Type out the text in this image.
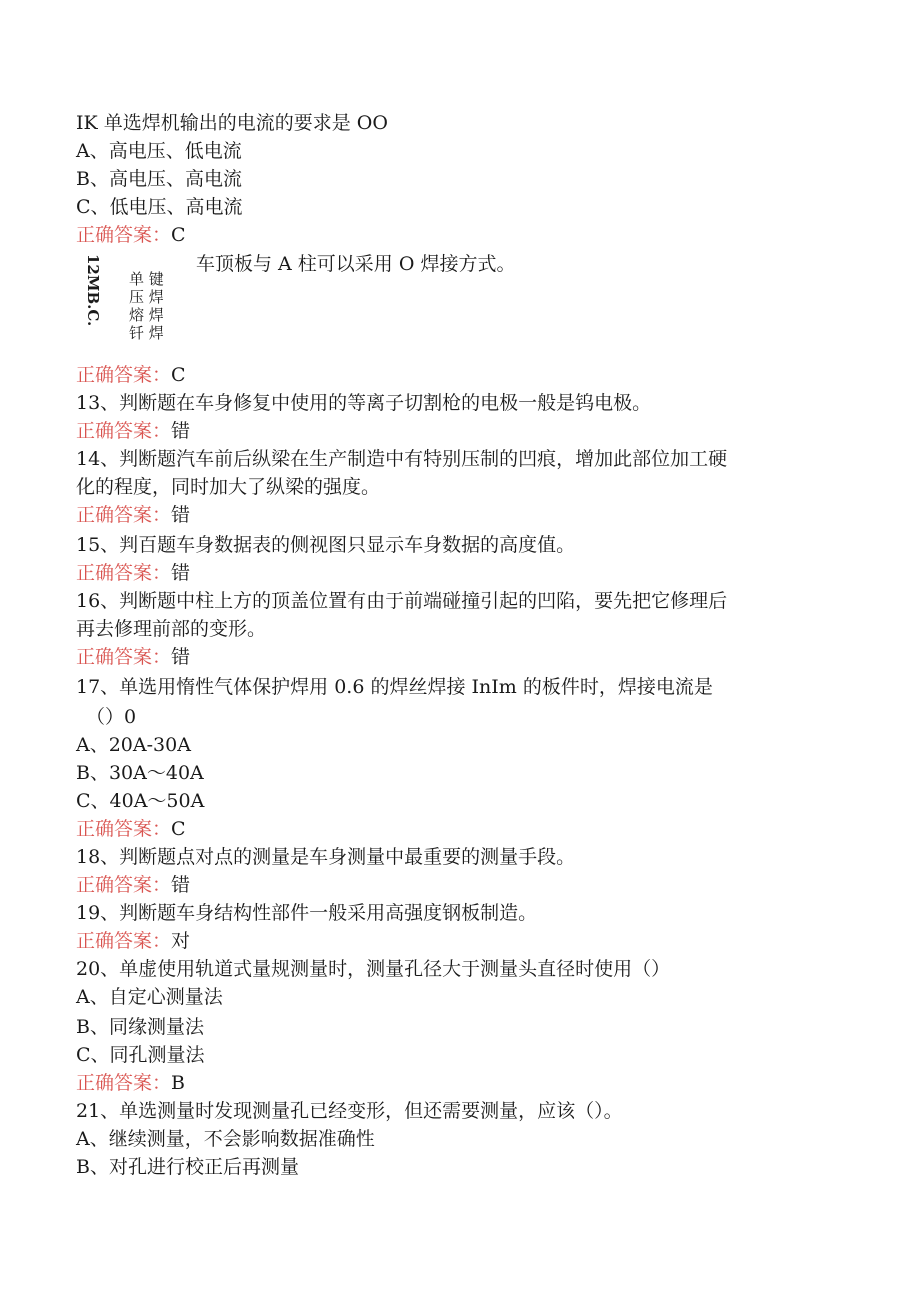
IK 单选焊机输出的电流的要求是 OO
A、高电压、低电流
B、高电压、高电流
C、低电压、高电流
正确答案：C
12MB.C.	车顶板与 A 柱可以采用 O 焊接方式。
单 键
压 焊
熔 焊
钎 焊
正确答案：C
13、判断题在车身修复中使用的等离子切割枪的电极一般是钨电极。
正确答案：错
14、判断题汽车前后纵梁在生产制造中有特别压制的凹痕，增加此部位加工硬
化的程度，同时加大了纵梁的强度。
正确答案：错
15、判百题车身数据表的侧视图只显示车身数据的高度值。
正确答案：错
16、判断题中柱上方的顶盖位置有由于前端碰撞引起的凹陷，要先把它修理后
再去修理前部的变形。
正确答案：错
17、单选用惰性气体保护焊用 0.6 的焊丝焊接 InIm 的板件时，焊接电流是
（）0
A、20A-30A
B、30A～40A
C、40A～50A
正确答案：C
18、判断题点对点的测量是车身测量中最重要的测量手段。
正确答案：错
19、判断题车身结构性部件一般采用高强度钢板制造。
正确答案：对
20、单虚使用轨道式量规测量时，测量孔径大于测量头直径时使用（）
A、自定心测量法
B、同缘测量法
C、同孔测量法
正确答案：B
21、单选测量时发现测量孔已经变形，但还需要测量，应该（）。
A、继续测量，不会影响数据准确性
B、对孔进行校正后再测量
